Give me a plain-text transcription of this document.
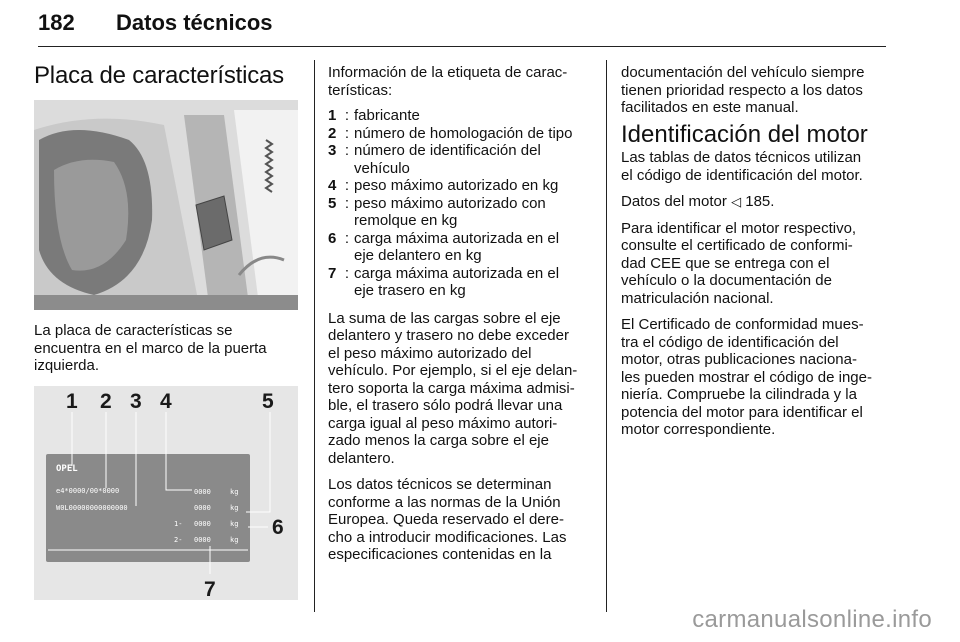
182 Datos técnicos
Placa de características
La placa de características se
encuentra en el marco de la puerta
izquierda.
OPEL
e4*0000/00*0000
W0L00000000000000
0000	kg
0000	kg
1- 0000	kg
2- 0000	kg
1 2 3 4	5
6
7
Información de la etiqueta de carac-
terísticas:
1 : fabricante
2 : número de homologación de tipo
3 : número de identificación del
vehículo
4 : peso máximo autorizado en kg
5 : peso máximo autorizado con
remolque en kg
6 : carga máxima autorizada en el
eje delantero en kg
7 : carga máxima autorizada en el
eje trasero en kg

La suma de las cargas sobre el eje
delantero y trasero no debe exceder
el peso máximo autorizado del
vehículo. Por ejemplo, si el eje delan-
tero soporta la carga máxima admisi-
ble, el trasero sólo podrá llevar una
carga igual al peso máximo autori-
zado menos la carga sobre el eje
delantero.

Los datos técnicos se determinan
conforme a las normas de la Unión
Europea. Queda reservado el dere-
cho a introducir modificaciones. Las
especificaciones contenidas en la

documentación del vehículo siempre
tienen prioridad respecto a los datos
facilitados en este manual.

Identificación del motor

Las tablas de datos técnicos utilizan
el código de identificación del motor.

Datos del motor ◁ 185.

Para identificar el motor respectivo,
consulte el certificado de conformi-
dad CEE que se entrega con el
vehículo o la documentación de
matriculación nacional.

El Certificado de conformidad mues-
tra el código de identificación del
motor, otras publicaciones naciona-
les pueden mostrar el código de inge-
niería. Compruebe la cilindrada y la
potencia del motor para identificar el
motor correspondiente.

carmanualsonline.info
